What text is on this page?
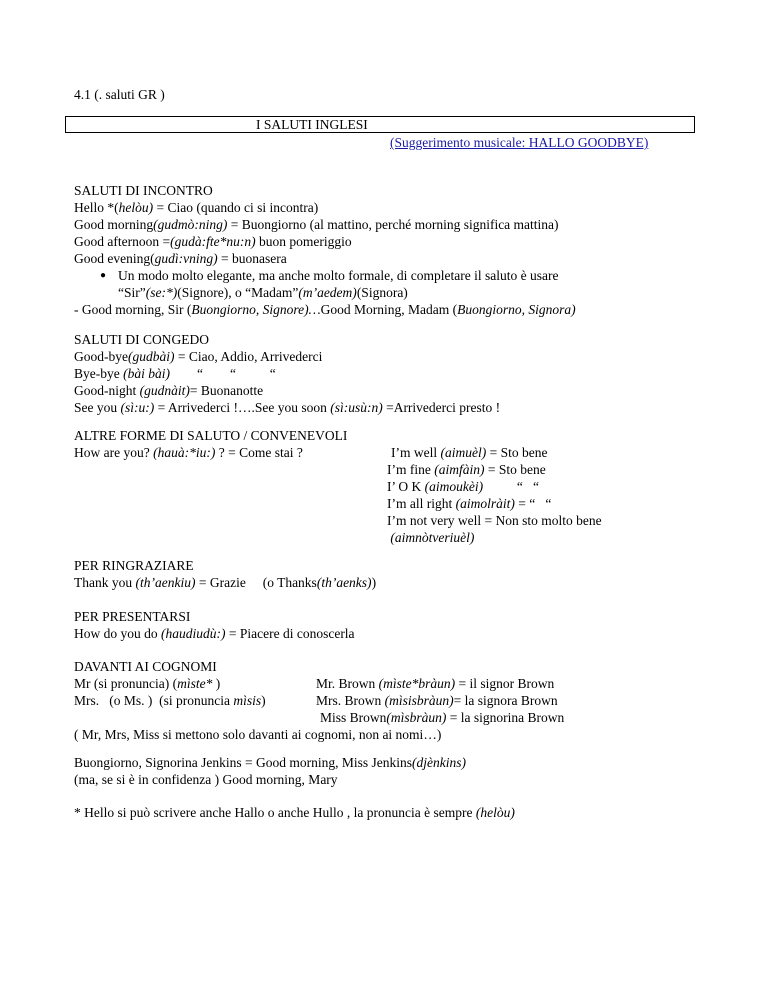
4.1 (. saluti GR )
I SALUTI INGLESI
(Suggerimento musicale: HALLO GOODBYE)
SALUTI DI INCONTRO
Hello *(helòu) = Ciao (quando ci si incontra)
Good morning(gudmò:ning) = Buongiorno (al mattino, perché morning significa mattina)
Good afternoon =(gudà:fte*nu:n) buon pomeriggio
Good evening(gudì:vning) = buonasera
● Un modo molto elegante, ma anche molto formale, di completare il saluto è usare
“Sir”(se:*)(Signore), o “Madam”(m’aedem)(Signora)
- Good morning, Sir (Buongiorno, Signore)…Good Morning, Madam (Buongiorno, Signora)
SALUTI DI CONGEDO
Good-bye(gudbài) = Ciao, Addio, Arrivederci
Bye-bye (bài bài)        “        “          “
Good-night (gudnàit)= Buonanotte
See you (sì:u:) = Arrivederci !….See you soon (sì:usù:n) =Arrivederci presto !
ALTRE FORME DI SALUTO / CONVENEVOLI
How are you? (hauà:*iu:) ? = Come stai ?	I’m well (aimuèl) = Sto bene
I’m fine (aimfàin) = Sto bene
I’ O K (aimoukèi)          “   “
I’m all right (aimolràit) = “   “
I’m not very well = Non sto molto bene
(aimnòtveriuèl)
PER RINGRAZIARE
Thank you (th’aenkiu) = Grazie     (o Thanks(th’aenks))
PER PRESENTARSI
How do you do (haudiudù:) = Piacere di conoscerla
DAVANTI AI COGNOMI
Mr (si pronuncia) (mìste* )
Mrs.   (o Ms. )  (si pronuncia mìsis)
Mr. Brown (mìste*bràun) = il signor Brown
Mrs. Brown (mìsisbràun)= la signora Brown
Miss Brown(mìsbràun) = la signorina Brown
( Mr, Mrs, Miss si mettono solo davanti ai cognomi, non ai nomi…)
Buongiorno, Signorina Jenkins = Good morning, Miss Jenkins(djènkins)
(ma, se si è in confidenza ) Good morning, Mary
* Hello si può scrivere anche Hallo o anche Hullo , la pronuncia è sempre (helòu)
